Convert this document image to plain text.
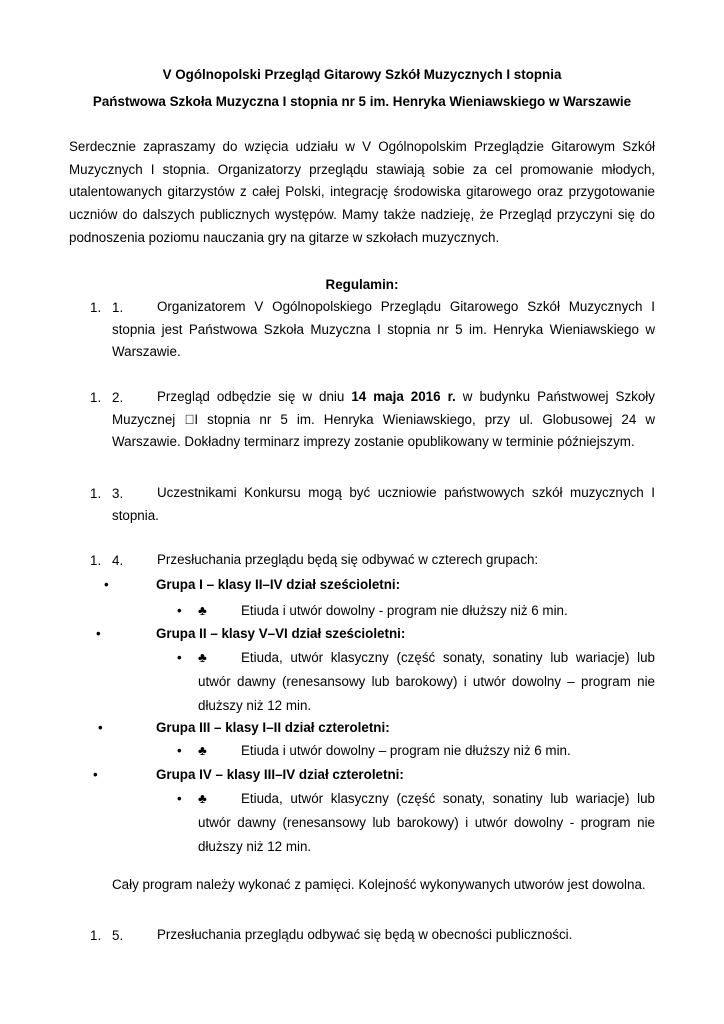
V Ogólnopolski Przegląd Gitarowy Szkół Muzycznych I stopnia
Państwowa Szkoła Muzyczna I stopnia nr 5 im. Henryka Wieniawskiego w Warszawie
Serdecznie zapraszamy do wzięcia udziału w V Ogólnopolskim Przeglądzie Gitarowym Szkół Muzycznych I stopnia. Organizatorzy przeglądu stawiają sobie za cel promowanie młodych, utalentowanych gitarzystów z całej Polski, integrację środowiska gitarowego oraz przygotowanie uczniów do dalszych publicznych występów. Mamy także nadzieję, że Przegląd przyczyni się do podnoszenia poziomu nauczania gry na gitarze w szkołach muzycznych.
Regulamin:
1. 1.	Organizatorem V Ogólnopolskiego Przeglądu Gitarowego Szkół Muzycznych I stopnia jest Państwowa Szkoła Muzyczna I stopnia nr 5 im. Henryka Wieniawskiego w Warszawie.
1. 2.	Przegląd odbędzie się w dniu 14 maja 2016 r. w budynku Państwowej Szkoły Muzycznej I stopnia nr 5 im. Henryka Wieniawskiego, przy ul. Globusowej 24 w Warszawie. Dokładny terminarz imprezy zostanie opublikowany w terminie późniejszym.
1. 3.	Uczestnikami Konkursu mogą być uczniowie państwowych szkół muzycznych I stopnia.
1. 4.	Przesłuchania przeglądu będą się odbywać w czterech grupach:
•	Grupa I – klasy II–IV dział sześcioletni:
• ♣	Etiuda i utwór dowolny - program nie dłuższy niż 6 min.
•	Grupa II – klasy V–VI dział sześcioletni:
• ♣	Etiuda, utwór klasyczny (część sonaty, sonatiny lub wariacje) lub utwór dawny (renesansowy lub barokowy) i utwór dowolny – program nie dłuższy niż 12 min.
•	Grupa III – klasy I–II dział czteroletni:
• ♣	Etiuda i utwór dowolny – program nie dłuższy niż 6 min.
•	Grupa IV – klasy III–IV dział czteroletni:
• ♣	Etiuda, utwór klasyczny (część sonaty, sonatiny lub wariacje) lub utwór dawny (renesansowy lub barokowy) i utwór dowolny - program nie dłuższy niż 12 min.
Cały program należy wykonać z pamięci. Kolejność wykonywanych utworów jest dowolna.
1. 5.	Przesłuchania przeglądu odbywać się będą w obecności publiczności.
